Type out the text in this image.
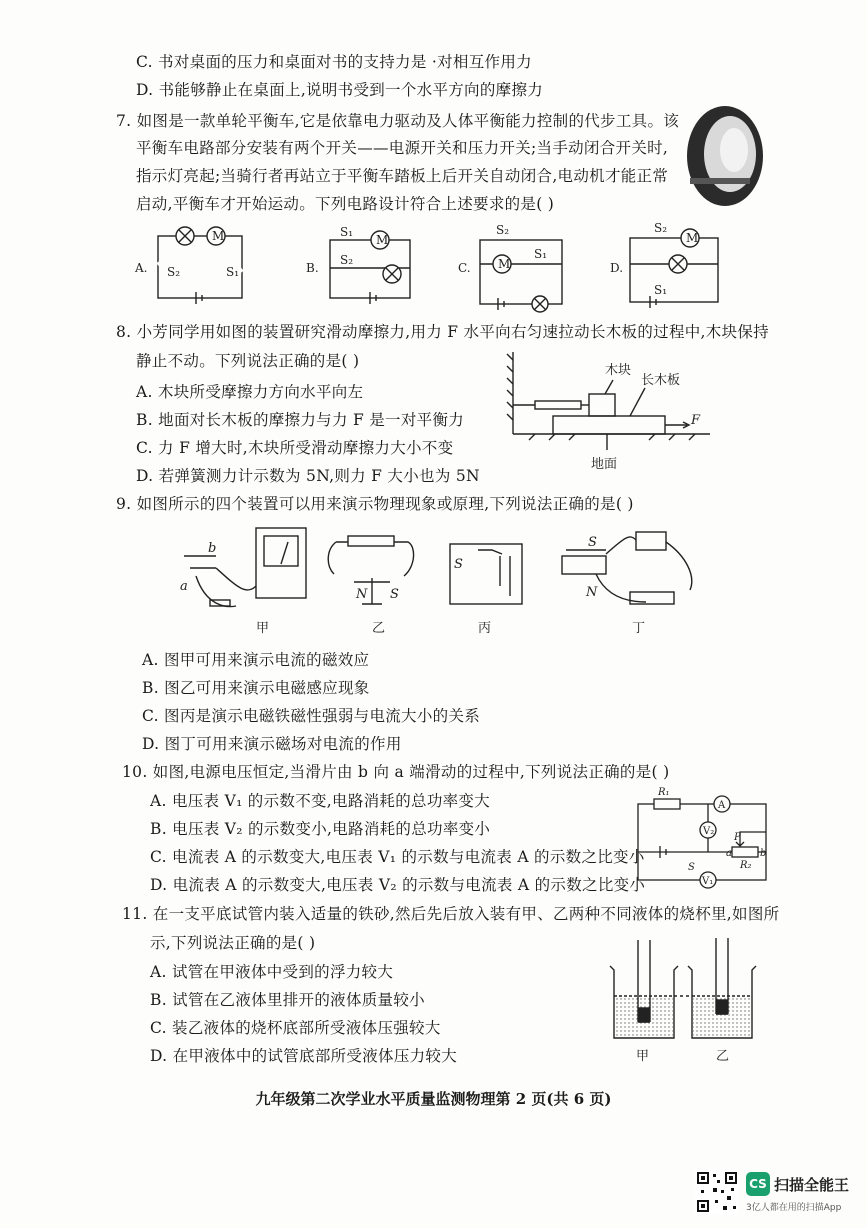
C. 书对桌面的压力和桌面对书的支持力是 ·对相互作用力
D. 书能够静止在桌面上,说明书受到一个水平方向的摩擦力
7. 如图是一款单轮平衡车,它是依靠电力驱动及人体平衡能力控制的代步工具。该
平衡车电路部分安装有两个开关——电源开关和压力开关;当手动闭合开关时,
指示灯亮起;当骑行者再站立于平衡车踏板上后开关自动闭合,电动机才能正常
启动,平衡车才开始运动。下列电路设计符合上述要求的是( )
A.
M
S₂	S₁	B.
M
S₁
S₂
C. M
S₂
S₁
D.
M
S₂
S₁
8. 小芳同学用如图的装置研究滑动摩擦力,用力 F 水平向右匀速拉动长木板的过程中,木块保持
静止不动。下列说法正确的是( )
A. 木块所受摩擦力方向水平向左
B. 地面对长木板的摩擦力与力 F 是一对平衡力
C. 力 F 增大时,木块所受滑动摩擦力大小不变
D. 若弹簧测力计示数为 5N,则力 F 大小也为 5N
木块
长木板
F
地面
9. 如图所示的四个装置可以用来演示物理现象或原理,下列说法正确的是( )
b
a
N S
S
S
N
甲	乙	丙	丁
A. 图甲可用来演示电流的磁效应
B. 图乙可用来演示电磁感应现象
C. 图丙是演示电磁铁磁性强弱与电流大小的关系
D. 图丁可用来演示磁场对电流的作用
10. 如图,电源电压恒定,当滑片由 b 向 a 端滑动的过程中,下列说法正确的是( )
A. 电压表 V₁ 的示数不变,电路消耗的总功率变大
B. 电压表 V₂ 的示数变小,电路消耗的总功率变小
C. 电流表 A 的示数变大,电压表 V₁ 的示数与电流表 A 的示数之比变小
D. 电流表 A 的示数变大,电压表 V₂ 的示数与电流表 A 的示数之比变小
R₁
A
V₂
P
S
a
R₂
b
V₁
11. 在一支平底试管内装入适量的铁砂,然后先后放入装有甲、乙两种不同液体的烧杯里,如图所
示,下列说法正确的是( )
A. 试管在甲液体中受到的浮力较大
B. 试管在乙液体里排开的液体质量较小
C. 装乙液体的烧杯底部所受液体压强较大
D. 在甲液体中的试管底部所受液体压力较大	甲	乙
九年级第二次学业水平质量监测物理第 2 页(共 6 页)
CS 扫描全能王
3亿人都在用的扫描App
